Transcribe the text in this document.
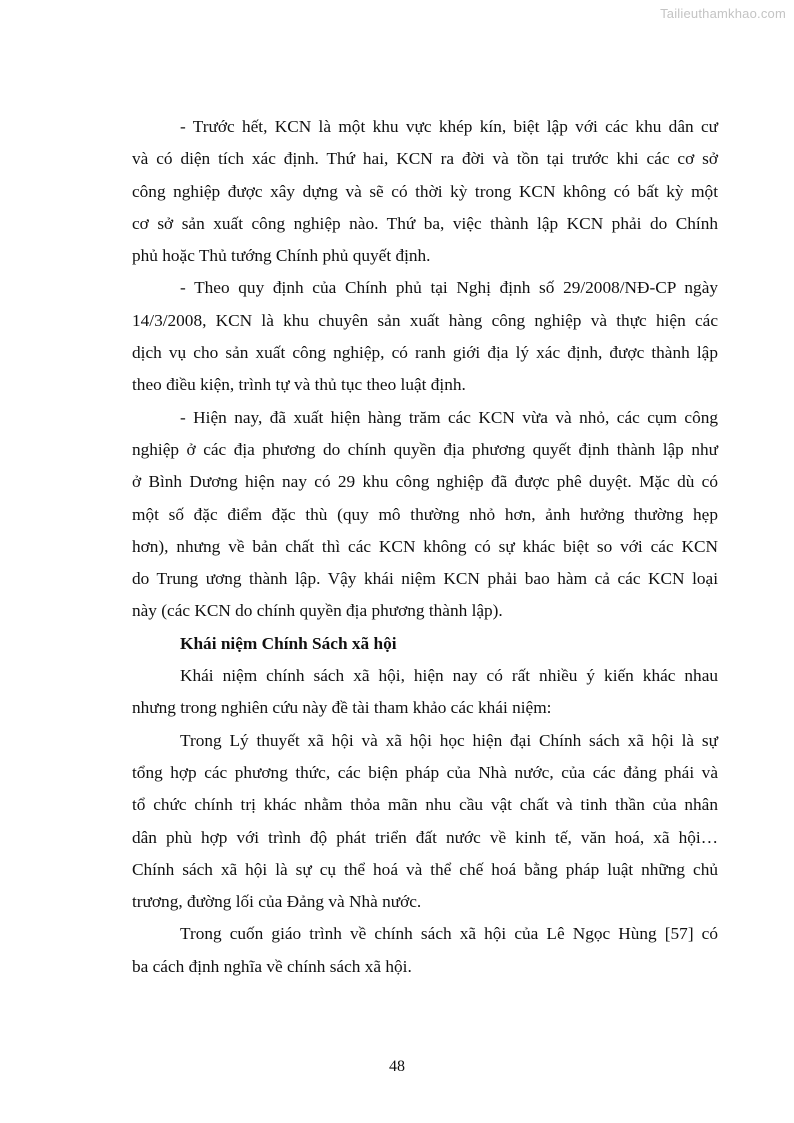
Tailieuthamkhao.com
- Trước hết, KCN là một khu vực khép kín, biệt lập với các khu dân cư
và có diện tích xác định. Thứ hai, KCN ra đời và tồn tại trước khi các cơ sở
công nghiệp được xây dựng và sẽ có thời kỳ trong KCN không có bất kỳ một
cơ sở sản xuất công nghiệp nào. Thứ ba, việc thành lập KCN phải do Chính
phủ hoặc Thủ tướng Chính phủ quyết định.
- Theo quy định của Chính phủ tại Nghị định số 29/2008/NĐ-CP ngày
14/3/2008, KCN là khu chuyên sản xuất hàng công nghiệp và thực hiện các
dịch vụ cho sản xuất công nghiệp, có ranh giới địa lý xác định, được thành lập
theo điều kiện, trình tự và thủ tục theo luật định.
- Hiện nay, đã xuất hiện hàng trăm các KCN vừa và nhỏ, các cụm công
nghiệp ở các địa phương do chính quyền địa phương quyết định thành lập như
ở Bình Dương hiện nay có 29 khu công nghiệp đã được phê duyệt. Mặc dù có
một số đặc điểm đặc thù (quy mô thường nhỏ hơn, ảnh hưởng thường hẹp
hơn), nhưng về bản chất thì các KCN không có sự khác biệt so với các KCN
do Trung ương thành lập. Vậy khái niệm KCN phải bao hàm cả các KCN loại
này (các KCN do chính quyền địa phương thành lập).
Khái niệm Chính Sách xã hội
Khái niệm chính sách xã hội, hiện nay có rất nhiều ý kiến khác nhau
nhưng trong nghiên cứu này đề tài tham khảo các khái niệm:
Trong Lý thuyết xã hội và xã hội học hiện đại Chính sách xã hội là sự
tổng hợp các phương thức, các biện pháp của Nhà nước, của các đảng phái và
tổ chức chính trị khác nhằm thỏa mãn nhu cầu vật chất và tinh thần của nhân
dân phù hợp với trình độ phát triển đất nước về kinh tế, văn hoá, xã hội…
Chính sách xã hội là sự cụ thể hoá và thể chế hoá bằng pháp luật những chủ
trương, đường lối của Đảng và Nhà nước.
Trong cuốn giáo trình về chính sách xã hội của Lê Ngọc Hùng [57] có
ba cách định nghĩa về chính sách xã hội.
48
